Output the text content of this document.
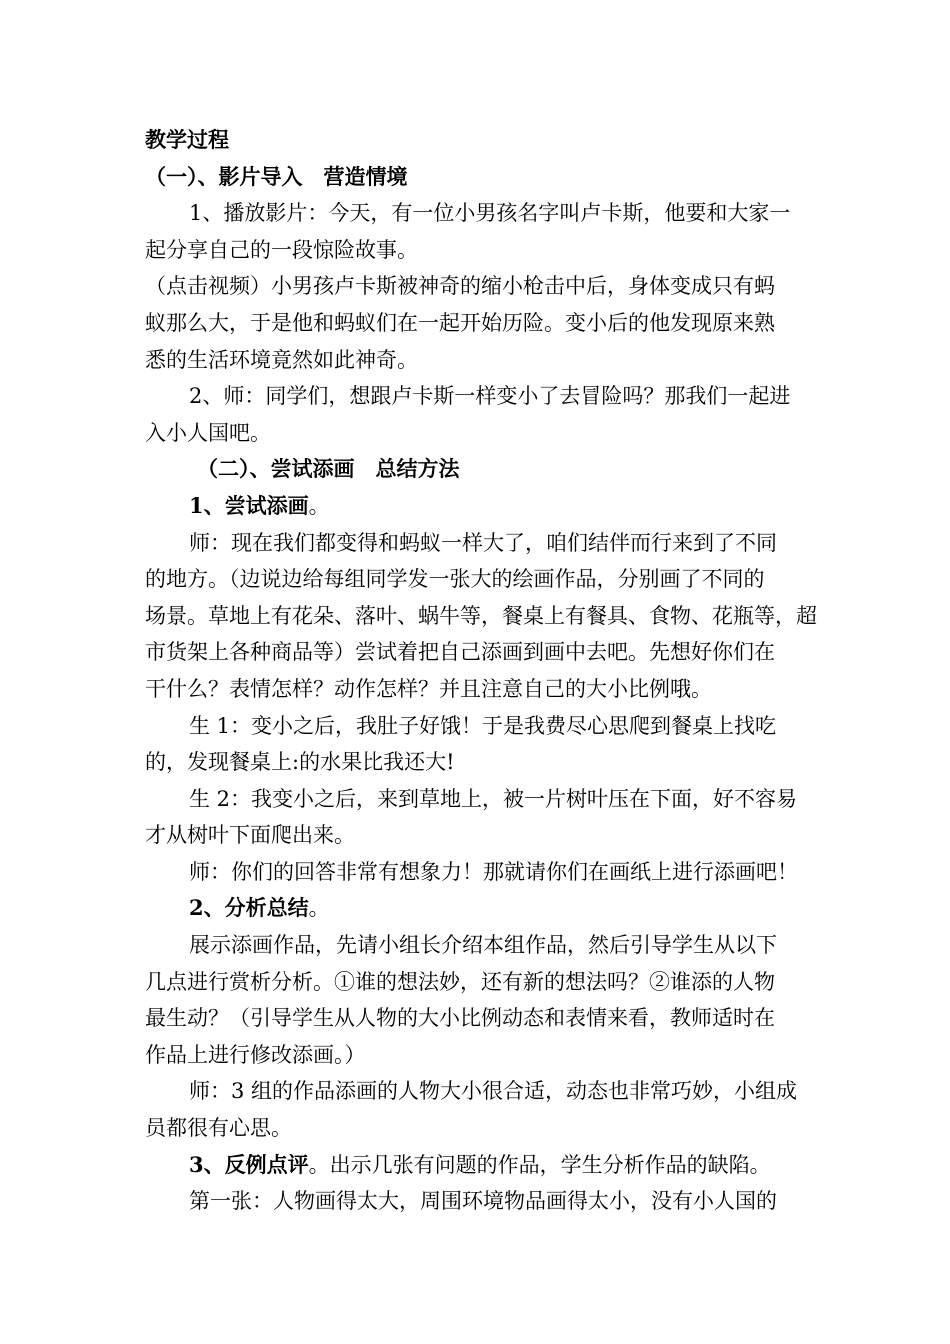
教学过程

（一）、影片导入　营造情境

1、播放影片：今天，有一位小男孩名字叫卢卡斯，他要和大家一

起分享自己的一段惊险故事。

（点击视频）小男孩卢卡斯被神奇的缩小枪击中后，身体变成只有蚂

蚁那么大，于是他和蚂蚁们在一起开始历险。变小后的他发现原来熟

悉的生活环境竟然如此神奇。

2、师：同学们，想跟卢卡斯一样变小了去冒险吗？那我们一起进

入小人国吧。

（二）、尝试添画　总结方法

1、尝试添画。

师：现在我们都变得和蚂蚁一样大了，咱们结伴而行来到了不同

的地方。（边说边给每组同学发一张大的绘画作品，分别画了不同的

场景。草地上有花朵、落叶、蜗牛等，餐桌上有餐具、食物、花瓶等，超

市货架上各种商品等）尝试着把自己添画到画中去吧。先想好你们在

干什么？表情怎样？动作怎样？并且注意自己的大小比例哦。

生 1：变小之后，我肚子好饿！于是我费尽心思爬到餐桌上找吃

的，发现餐桌上:的水果比我还大!

生 2：我变小之后，来到草地上，被一片树叶压在下面，好不容易

才从树叶下面爬出来。

师：你们的回答非常有想象力！那就请你们在画纸上进行添画吧！

2、分析总结。

展示添画作品，先请小组长介绍本组作品，然后引导学生从以下

几点进行赏析分析。①谁的想法妙，还有新的想法吗？②谁添的人物

最生动？（引导学生从人物的大小比例动态和表情来看，教师适时在

作品上进行修改添画。）

师：3 组的作品添画的人物大小很合适，动态也非常巧妙，小组成

员都很有心思。

3、反例点评。出示几张有问题的作品，学生分析作品的缺陷。

第一张：人物画得太大，周围环境物品画得太小，没有小人国的
